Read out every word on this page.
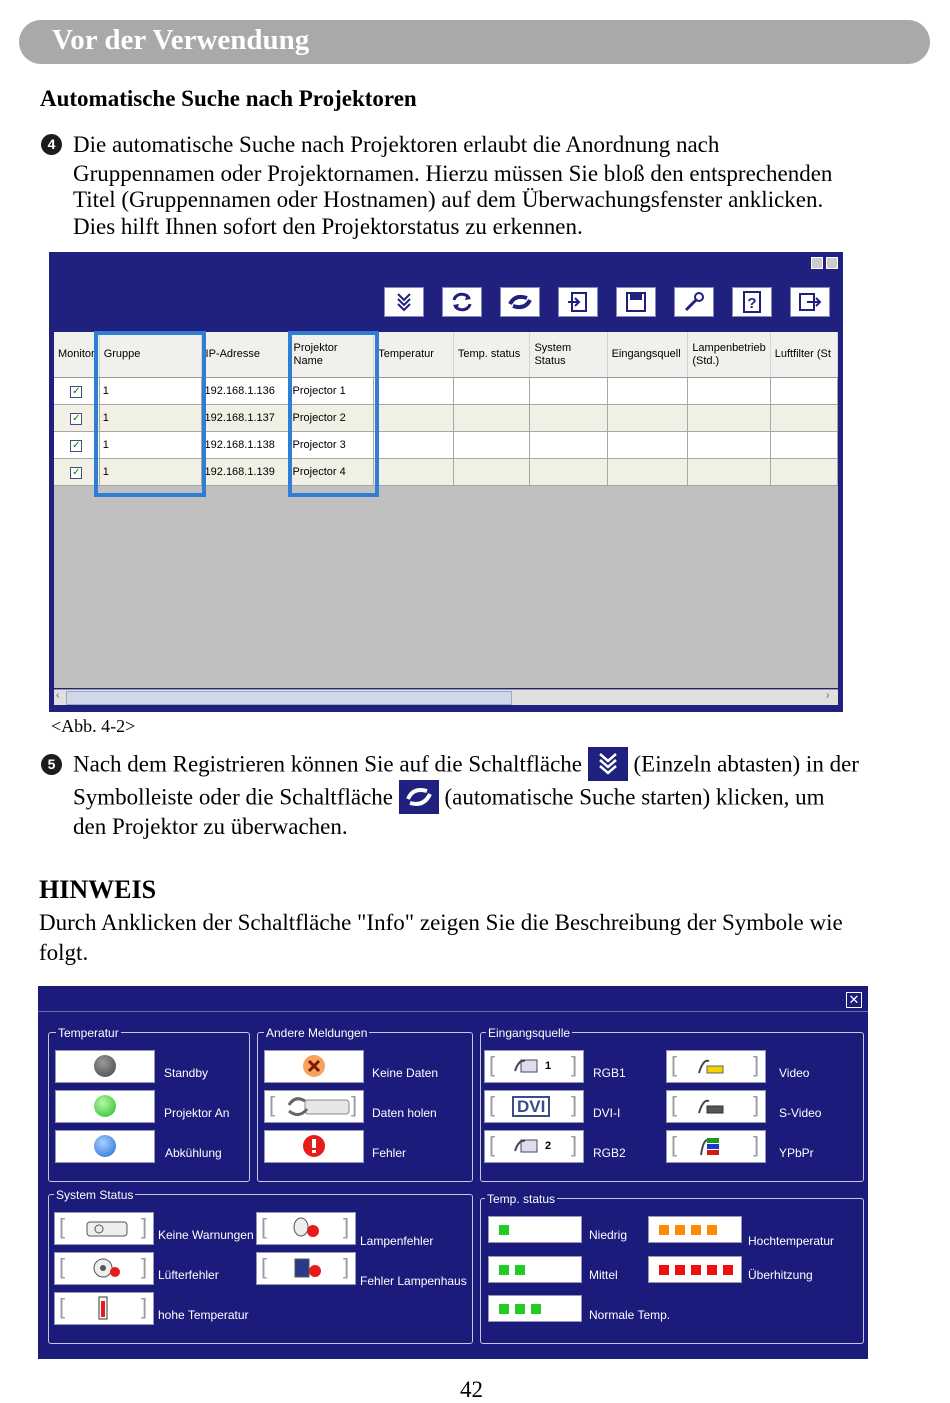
Vor der Verwendung
Automatische Suche nach Projektoren
4 Die automatische Suche nach Projektoren erlaubt die Anordnung nach
Gruppennamen oder Projektornamen. Hierzu müssen Sie bloß den entsprechenden
Titel (Gruppennamen oder Hostnamen) auf dem Überwachungsfenster anklicken.
Dies hilft Ihnen sofort den Projektorstatus zu erkennen.
?
Monitor	Gruppe	IP-Adresse	Projektor Name	Temperatur	Temp. status	System Status	Eingangsquell	Lampenbetrieb (Std.)	Luftfilter (St
✓	1	192.168.1.136	Projector 1						
✓	1	192.168.1.137	Projector 2						
✓	1	192.168.1.138	Projector 3						
✓	1	192.168.1.139	Projector 4						
‹	›
<Abb. 4-2>
5 Nach dem Registrieren können Sie auf die Schaltfläche (Einzeln abtasten) in der
Symbolleiste oder die Schaltfläche (automatische Suche starten) klicken, um
den Projektor zu überwachen.
HINWEIS
Durch Anklicken der Schaltfläche "Info" zeigen Sie die Beschreibung der Symbole wie
folgt.
✕
Temperatur
Standby
Projektor An
Abkühlung
Andere Meldungen
Keine Daten
[	] Daten holen
Fehler
Eingangsquelle
[	]
1	RGB1
[	]
DVI	DVI-I
[	]
2	RGB2
[	] Video
[	] S-Video
[	] YPbPr
System Status
[	] Keine Warnungen
[	] Lüfterfehler
[	] hohe Temperatur
[	]
Lampenfehler
[	]
Fehler Lampenhaus
Temp. status
Niedrig
Mittel
Normale Temp.
Hochtemperatur
Überhitzung
42
